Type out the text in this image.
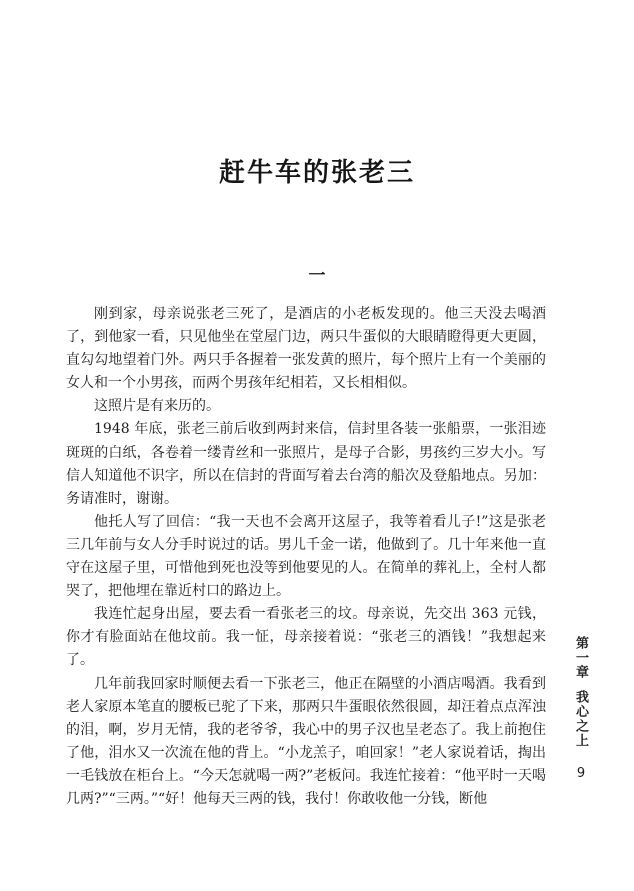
赶牛车的张老三
一

刚到家，母亲说张老三死了，是酒店的小老板发现的。他三天没去喝酒了，到他家一看，只见他坐在堂屋门边，两只牛蛋似的大眼睛瞪得更大更圆，直勾勾地望着门外。两只手各握着一张发黄的照片，每个照片上有一个美丽的女人和一个小男孩，而两个男孩年纪相若，又长相相似。

这照片是有来历的。

1948 年底，张老三前后收到两封来信，信封里各装一张船票，一张泪迹斑斑的白纸，各卷着一缕青丝和一张照片，是母子合影，男孩约三岁大小。写信人知道他不识字，所以在信封的背面写着去台湾的船次及登船地点。另加：务请准时，谢谢。

他托人写了回信：“我一天也不会离开这屋子，我等着看儿子!”这是张老三几年前与女人分手时说过的话。男儿千金一诺，他做到了。几十年来他一直守在这屋子里，可惜他到死也没等到他要见的人。在简单的葬礼上，全村人都哭了，把他埋在靠近村口的路边上。

我连忙起身出屋，要去看一看张老三的坟。母亲说，先交出 363 元钱，你才有脸面站在他坟前。我一怔，母亲接着说：“张老三的酒钱！”我想起来了。

几年前我回家时顺便去看一下张老三，他正在隔壁的小酒店喝酒。我看到老人家原本笔直的腰板已驼了下来，那两只牛蛋眼依然很圆，却汪着点点浑浊的泪，啊，岁月无情，我的老爷爷，我心中的男子汉也呈老态了。我上前抱住了他，泪水又一次流在他的背上。“小龙羔子，咱回家！”老人家说着话，掏出一毛钱放在柜台上。“今天怎就喝一两?”老板问。我连忙接着：“他平时一天喝几两?”“三两。”“好！他每天三两的钱，我付！你敢收他一分钱，断他

第一章我心之上
9
